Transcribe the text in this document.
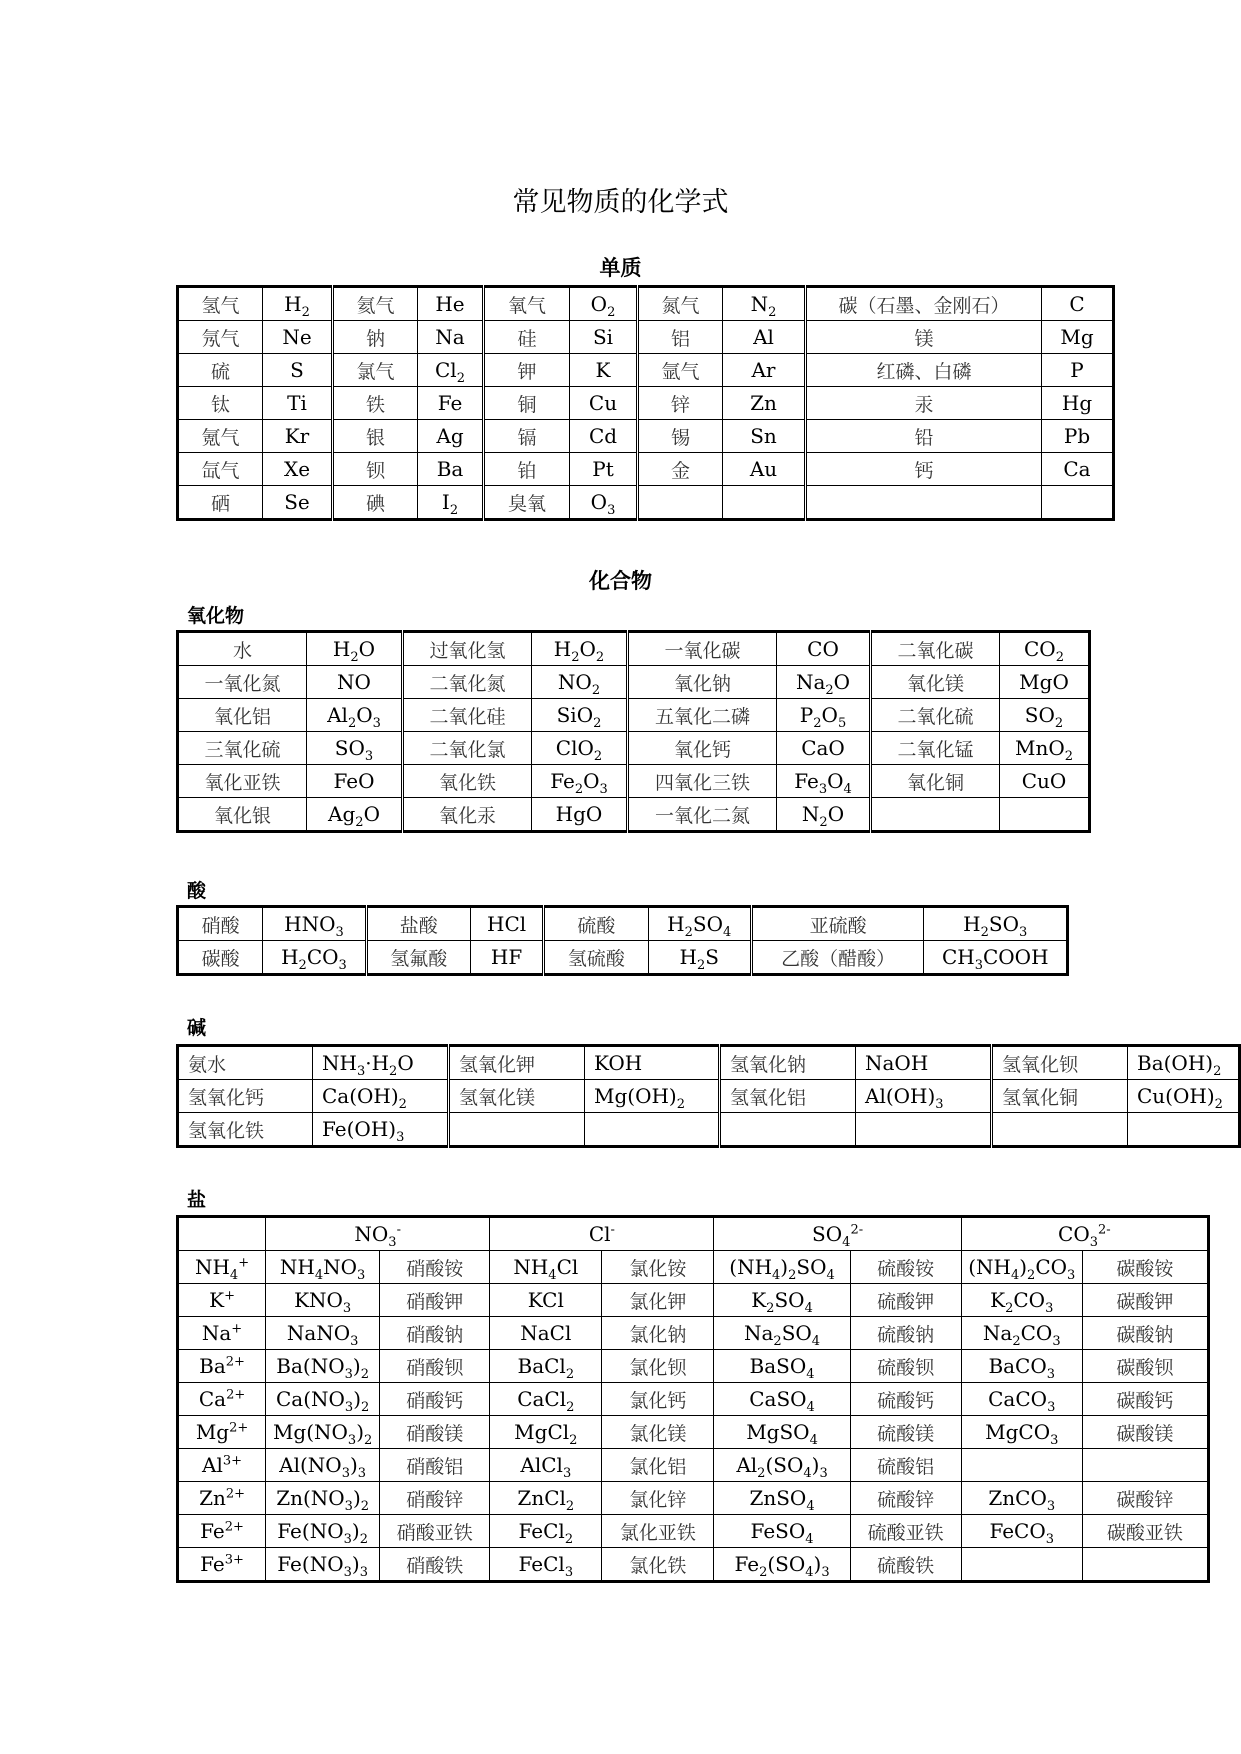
常见物质的化学式
单质
氢气	$H_2$	氦气	He	氧气	$O_2$	氮气	$N_2$	碳（石墨、金刚石）	C
氖气	Ne	钠	Na	硅	Si	铝	Al	镁	Mg
硫	S	氯气	$Cl_2$	钾	K	氩气	Ar	红磷、白磷	P
钛	Ti	铁	Fe	铜	Cu	锌	Zn	汞	Hg
氪气	Kr	银	Ag	镉	Cd	锡	Sn	铅	Pb
氙气	Xe	钡	Ba	铂	Pt	金	Au	钙	Ca
硒	Se	碘	$I_2$	臭氧	$O_3$				
化合物
氧化物
水	$H_2O$	过氧化氢	$H_2O_2$	一氧化碳	CO	二氧化碳	$CO_2$
一氧化氮	NO	二氧化氮	$NO_2$	氧化钠	$Na_2O$	氧化镁	MgO
氧化铝	$Al_2O_3$	二氧化硅	SiO$_2$	五氧化二磷	$P_2O_5$	二氧化硫	$SO_2$
三氧化硫	$SO_3$	二氧化氯	ClO$_2$	氧化钙	CaO	二氧化锰	MnO$_2$
氧化亚铁	FeO	氧化铁	$Fe_2O_3$	四氧化三铁	$Fe_3O_4$	氧化铜	CuO
氧化银	$Ag_2O$	氧化汞	HgO	一氧化二氮	$N_2O$		
酸
硝酸	$HNO_3$	盐酸	HCl	硫酸	$H_2SO_4$	亚硫酸	$H_2SO_3$
碳酸	$H_2CO_3$	氢氟酸	HF	氢硫酸	$H_2S$	乙酸（醋酸）	$CH_3COOH$
碱
氨水	$NH_3\cdot H_2O$	氢氧化钾	KOH	氢氧化钠	NaOH	氢氧化钡	$Ba(OH)_2$
氢氧化钙	$Ca(OH)_2$	氢氧化镁	$Mg(OH)_2$	氢氧化铝	$Al(OH)_3$	氢氧化铜	$Cu(OH)_2$
氢氧化铁	$Fe(OH)_3$						
盐
	$NO_3^-$		Cl-		$SO_4^{2-}$		$CO_3^{2-}$
$NH_4^+$	$NH_4NO_3$	硝酸铵	$NH_4Cl$	氯化铵	$(NH_4)_2SO_4$	硫酸铵	$(NH_4)_2CO_3$	碳酸铵
K+	$KNO_3$	硝酸钾	KCl	氯化钾	$K_2SO_4$	硫酸钾	$K_2CO_3$	碳酸钾
Na+	NaNO$_3$	硝酸钠	NaCl	氯化钠	$Na_2SO_4$	硫酸钠	$Na_2CO_3$	碳酸钠
$Ba^{2+}$	$Ba(NO_3)_2$	硝酸钡	BaCl$_2$	氯化钡	BaSO$_4$	硫酸钡	BaCO$_3$	碳酸钡
$Ca^{2+}$	$Ca(NO_3)_2$	硝酸钙	CaCl$_2$	氯化钙	CaSO$_4$	硫酸钙	CaCO$_3$	碳酸钙
$Mg^{2+}$	$Mg(NO_3)_2$	硝酸镁	MgCl$_2$	氯化镁	MgSO$_4$	硫酸镁	MgCO$_3$	碳酸镁
$Al^{3+}$	$Al(NO_3)_3$	硝酸铝	AlCl$_3$	氯化铝	$Al_2(SO_4)_3$	硫酸铝		
$Zn^{2+}$	$Zn(NO_3)_2$	硝酸锌	ZnCl$_2$	氯化锌	ZnSO$_4$	硫酸锌	ZnCO$_3$	碳酸锌
$Fe^{2+}$	$Fe(NO_3)_2$	硝酸亚铁	FeCl$_2$	氯化亚铁	FeSO$_4$	硫酸亚铁	FeCO$_3$	碳酸亚铁
$Fe^{3+}$	$Fe(NO_3)_3$	硝酸铁	FeCl$_3$	氯化铁	$Fe_2(SO_4)_3$	硫酸铁		
